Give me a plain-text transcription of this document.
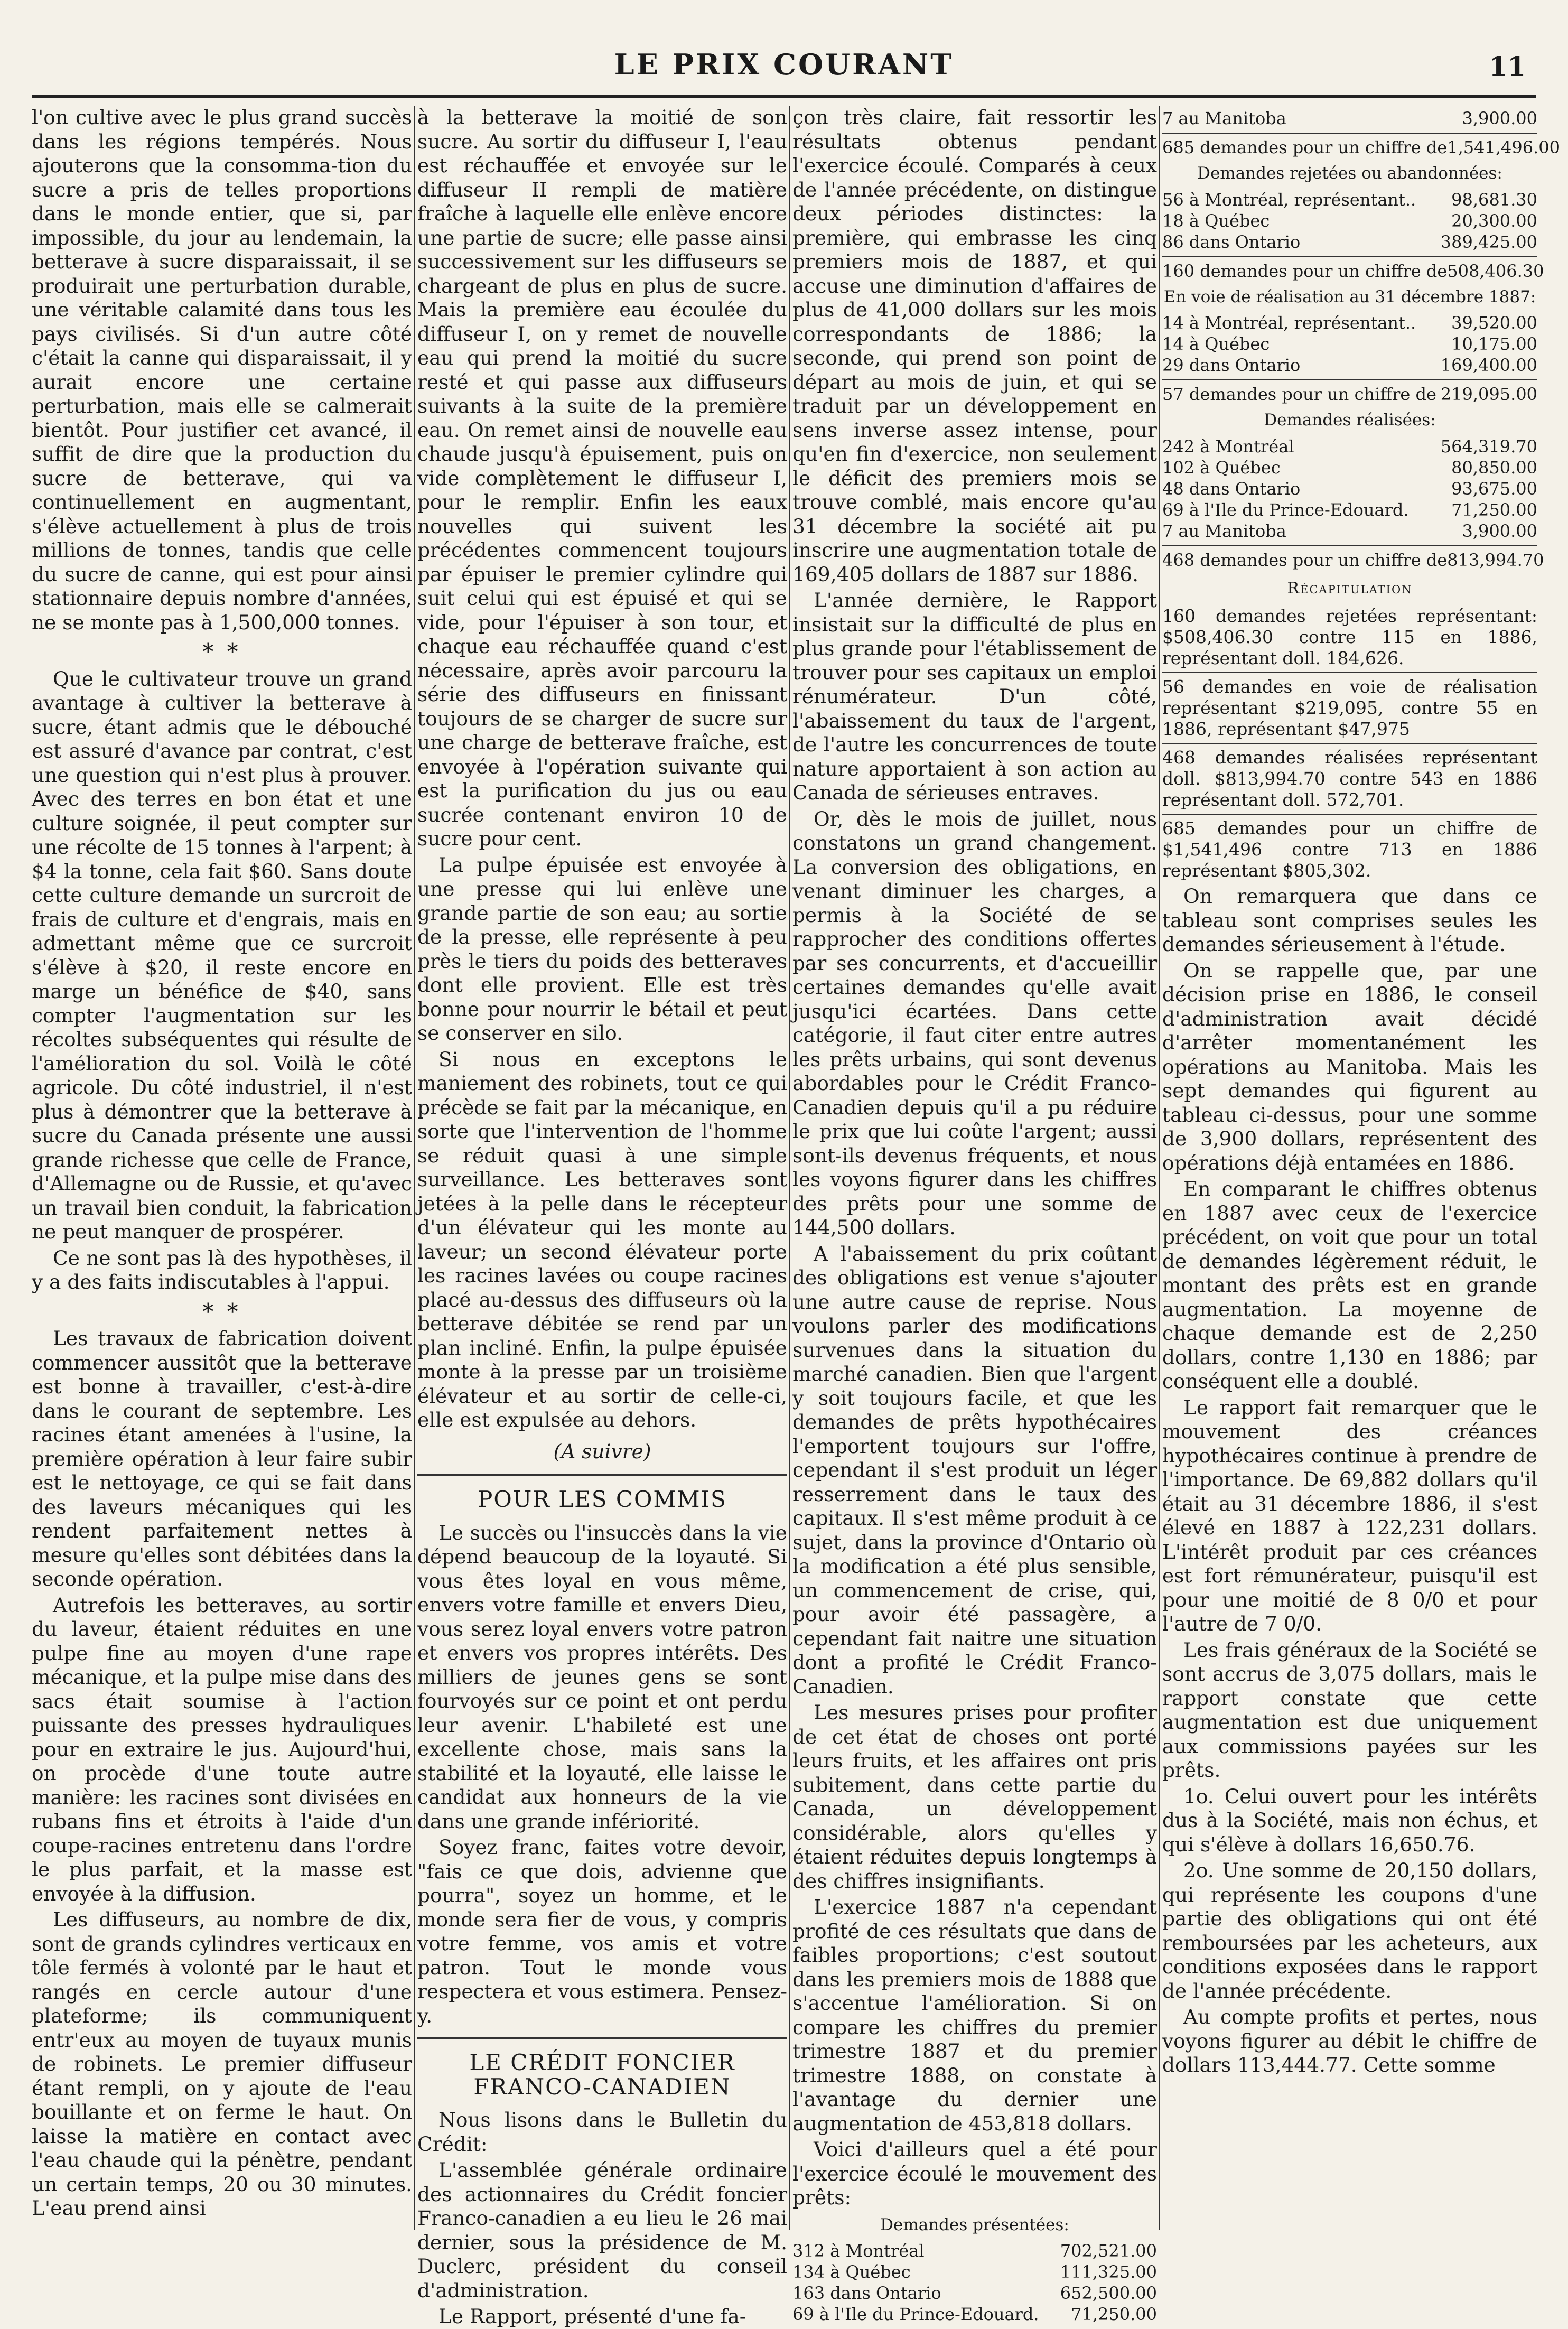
LE PRIX COURANT	11

l'on cultive avec le plus grand succès dans les régions tempérés. Nous ajouterons que la consomma-tion du sucre a pris de telles proportions dans le monde entier, que si, par impossible, du jour au lendemain, la betterave à sucre disparaissait, il se produirait une perturbation durable, une véritable calamité dans tous les pays civilisés. Si d'un autre côté c'était la canne qui disparaissait, il y aurait encore une certaine perturbation, mais elle se calmerait bientôt. Pour justifier cet avancé, il suffit de dire que la production du sucre de betterave, qui va continuellement en augmentant, s'élève actuellement à plus de trois millions de tonnes, tandis que celle du sucre de canne, qui est pour ainsi stationnaire depuis nombre d'années, ne se monte pas à 1,500,000 tonnes.

* *

Que le cultivateur trouve un grand avantage à cultiver la betterave à sucre, étant admis que le débouché est assuré d'avance par contrat, c'est une question qui n'est plus à prouver. Avec des terres en bon état et une culture soignée, il peut compter sur une récolte de 15 tonnes à l'arpent; à $4 la tonne, cela fait $60. Sans doute cette culture demande un surcroit de frais de culture et d'engrais, mais en admettant même que ce surcroit s'élève à $20, il reste encore en marge un bénéfice de $40, sans compter l'augmentation sur les récoltes subséquentes qui résulte de l'amélioration du sol. Voilà le côté agricole. Du côté industriel, il n'est plus à démontrer que la betterave à sucre du Canada présente une aussi grande richesse que celle de France, d'Allemagne ou de Russie, et qu'avec un travail bien conduit, la fabrication ne peut manquer de prospérer.

Ce ne sont pas là des hypothèses, il y a des faits indiscutables à l'appui.

* *

Les travaux de fabrication doivent commencer aussitôt que la betterave est bonne à travailler, c'est-à-dire dans le courant de septembre. Les racines étant amenées à l'usine, la première opération à leur faire subir est le nettoyage, ce qui se fait dans des laveurs mécaniques qui les rendent parfaitement nettes à mesure qu'elles sont débitées dans la seconde opération.

Autrefois les betteraves, au sortir du laveur, étaient réduites en une pulpe fine au moyen d'une rape mécanique, et la pulpe mise dans des sacs était soumise à l'action puissante des presses hydrauliques pour en extraire le jus. Aujourd'hui, on procède d'une toute autre manière: les racines sont divisées en rubans fins et étroits à l'aide d'un coupe-racines entretenu dans l'ordre le plus parfait, et la masse est envoyée à la diffusion.

Les diffuseurs, au nombre de dix, sont de grands cylindres verticaux en tôle fermés à volonté par le haut et rangés en cercle autour d'une plateforme; ils communiquent entr'eux au moyen de tuyaux munis de robinets. Le premier diffuseur étant rempli, on y ajoute de l'eau bouillante et on ferme le haut. On laisse la matière en contact avec l'eau chaude qui la pénètre, pendant un certain temps, 20 ou 30 minutes. L'eau prend ainsi

à la betterave la moitié de son sucre. Au sortir du diffuseur I, l'eau est réchauffée et envoyée sur le diffuseur II rempli de matière fraîche à laquelle elle enlève encore une partie de sucre; elle passe ainsi successivement sur les diffuseurs se chargeant de plus en plus de sucre. Mais la première eau écoulée du diffuseur I, on y remet de nouvelle eau qui prend la moitié du sucre resté et qui passe aux diffuseurs suivants à la suite de la première eau. On remet ainsi de nouvelle eau chaude jusqu'à épuisement, puis on vide complètement le diffuseur I, pour le remplir. Enfin les eaux nouvelles qui suivent les précédentes commencent toujours par épuiser le premier cylindre qui suit celui qui est épuisé et qui se vide, pour l'épuiser à son tour, et chaque eau réchauffée quand c'est nécessaire, après avoir parcouru la série des diffuseurs en finissant toujours de se charger de sucre sur une charge de betterave fraîche, est envoyée à l'opération suivante qui est la purification du jus ou eau sucrée contenant environ 10 de sucre pour cent.

La pulpe épuisée est envoyée à une presse qui lui enlève une grande partie de son eau; au sortie de la presse, elle représente à peu près le tiers du poids des betteraves dont elle provient. Elle est très bonne pour nourrir le bétail et peut se conserver en silo.

Si nous en exceptons le maniement des robinets, tout ce qui précède se fait par la mécanique, en sorte que l'intervention de l'homme se réduit quasi à une simple surveillance. Les betteraves sont jetées à la pelle dans le récepteur d'un élévateur qui les monte au laveur; un second élévateur porte les racines lavées ou coupe racines placé au-dessus des diffuseurs où la betterave débitée se rend par un plan incliné. Enfin, la pulpe épuisée monte à la presse par un troisième élévateur et au sortir de celle-ci, elle est expulsée au dehors.

(A suivre)
POUR LES COMMIS

Le succès ou l'insuccès dans la vie dépend beaucoup de la loyauté. Si vous êtes loyal en vous même, envers votre famille et envers Dieu, vous serez loyal envers votre patron et envers vos propres intérêts. Des milliers de jeunes gens se sont fourvoyés sur ce point et ont perdu leur avenir. L'habileté est une excellente chose, mais sans la stabilité et la loyauté, elle laisse le candidat aux honneurs de la vie dans une grande infériorité.

Soyez franc, faites votre devoir, "fais ce que dois, advienne que pourra", soyez un homme, et le monde sera fier de vous, y compris votre femme, vos amis et votre patron. Tout le monde vous respectera et vous estimera. Pensez-y.

LE CRÉDIT FONCIER FRANCO-CANADIEN

Nous lisons dans le Bulletin du Crédit:

L'assemblée générale ordinaire des actionnaires du Crédit foncier Franco-canadien a eu lieu le 26 mai dernier, sous la présidence de M. Duclerc, président du conseil d'administration.

Le Rapport, présenté d'une fa-

çon très claire, fait ressortir les résultats obtenus pendant l'exercice écoulé. Comparés à ceux de l'année précédente, on distingue deux périodes distinctes: la première, qui embrasse les cinq premiers mois de 1887, et qui accuse une diminution d'affaires de plus de 41,000 dollars sur les mois correspondants de 1886; la seconde, qui prend son point de départ au mois de juin, et qui se traduit par un développement en sens inverse assez intense, pour qu'en fin d'exercice, non seulement le déficit des premiers mois se trouve comblé, mais encore qu'au 31 décembre la société ait pu inscrire une augmentation totale de 169,405 dollars de 1887 sur 1886.

L'année dernière, le Rapport insistait sur la difficulté de plus en plus grande pour l'établissement de trouver pour ses capitaux un emploi rénumérateur. D'un côté, l'abaissement du taux de l'argent, de l'autre les concurrences de toute nature apportaient à son action au Canada de sérieuses entraves.

Or, dès le mois de juillet, nous constatons un grand changement. La conversion des obligations, en venant diminuer les charges, a permis à la Société de se rapprocher des conditions offertes par ses concurrents, et d'accueillir certaines demandes qu'elle avait jusqu'ici écartées. Dans cette catégorie, il faut citer entre autres les prêts urbains, qui sont devenus abordables pour le Crédit Franco-Canadien depuis qu'il a pu réduire le prix que lui coûte l'argent; aussi sont-ils devenus fréquents, et nous les voyons figurer dans les chiffres des prêts pour une somme de 144,500 dollars.

A l'abaissement du prix coûtant des obligations est venue s'ajouter une autre cause de reprise. Nous voulons parler des modifications survenues dans la situation du marché canadien. Bien que l'argent y soit toujours facile, et que les demandes de prêts hypothécaires l'emportent toujours sur l'offre, cependant il s'est produit un léger resserrement dans le taux des capitaux. Il s'est même produit à ce sujet, dans la province d'Ontario où la modification a été plus sensible, un commencement de crise, qui, pour avoir été passagère, a cependant fait naitre une situation dont a profité le Crédit Franco-Canadien.

Les mesures prises pour profiter de cet état de choses ont porté leurs fruits, et les affaires ont pris subitement, dans cette partie du Canada, un développement considérable, alors qu'elles y étaient réduites depuis longtemps à des chiffres insignifiants.

L'exercice 1887 n'a cependant profité de ces résultats que dans de faibles proportions; c'est soutout dans les premiers mois de 1888 que s'accentue l'amélioration. Si on compare les chiffres du premier trimestre 1887 et du premier trimestre 1888, on constate à l'avantage du dernier une augmentation de 453,818 dollars.

Voici d'ailleurs quel a été pour l'exercice écoulé le mouvement des prêts:

Demandes présentées:
312 à Montréal		702,521.00
134 à Québec		111,325.00
163 dans Ontario		652,500.00
69 à l'Ile du Prince-Edouard.		71,250.00
7 au Manitoba		3,900.00
685 demandes pour un chiffre de		1,541,496.00
Demandes rejetées ou abandonnées:
56 à Montréal, représentant..		98,681.30
18 à Québec		20,300.00
86 dans Ontario		389,425.00
160 demandes pour un chiffre de		508,406.30
En voie de réalisation au 31 décembre 1887:
14 à Montréal, représentant..		39,520.00
14 à Québec		10,175.00
29 dans Ontario		169,400.00
57 demandes pour un chiffre de		219,095.00
Demandes réalisées:
242 à Montréal		564,319.70
102 à Québec		80,850.00
48 dans Ontario		93,675.00
69 à l'Ile du Prince-Edouard.		71,250.00
7 au Manitoba		3,900.00
468 demandes pour un chiffre de		813,994.70
Récapitulation

160 demandes rejetées représentant: $508,406.30 contre 115 en 1886, représentant doll. 184,626.

56 demandes en voie de réalisation représentant $219,095, contre 55 en 1886, représentant $47,975

468 demandes réalisées représentant doll. $813,994.70 contre 543 en 1886 représentant doll. 572,701.

685 demandes pour un chiffre de $1,541,496 contre 713 en 1886 représentant $805,302.

On remarquera que dans ce tableau sont comprises seules les demandes sérieusement à l'étude.

On se rappelle que, par une décision prise en 1886, le conseil d'administration avait décidé d'arrêter momentanément les opérations au Manitoba. Mais les sept demandes qui figurent au tableau ci-dessus, pour une somme de 3,900 dollars, représentent des opérations déjà entamées en 1886.

En comparant le chiffres obtenus en 1887 avec ceux de l'exercice précédent, on voit que pour un total de demandes légèrement réduit, le montant des prêts est en grande augmentation. La moyenne de chaque demande est de 2,250 dollars, contre 1,130 en 1886; par conséquent elle a doublé.

Le rapport fait remarquer que le mouvement des créances hypothécaires continue à prendre de l'importance. De 69,882 dollars qu'il était au 31 décembre 1886, il s'est élevé en 1887 à 122,231 dollars. L'intérêt produit par ces créances est fort rémunérateur, puisqu'il est pour une moitié de 8 0/0 et pour l'autre de 7 0/0.

Les frais généraux de la Société se sont accrus de 3,075 dollars, mais le rapport constate que cette augmentation est due uniquement aux commissions payées sur les prêts.

1o. Celui ouvert pour les intérêts dus à la Société, mais non échus, et qui s'élève à dollars 16,650.76.

2o. Une somme de 20,150 dollars, qui représente les coupons d'une partie des obligations qui ont été remboursées par les acheteurs, aux conditions exposées dans le rapport de l'année précédente.

Au compte profits et pertes, nous voyons figurer au débit le chiffre de dollars 113,444.77. Cette somme
